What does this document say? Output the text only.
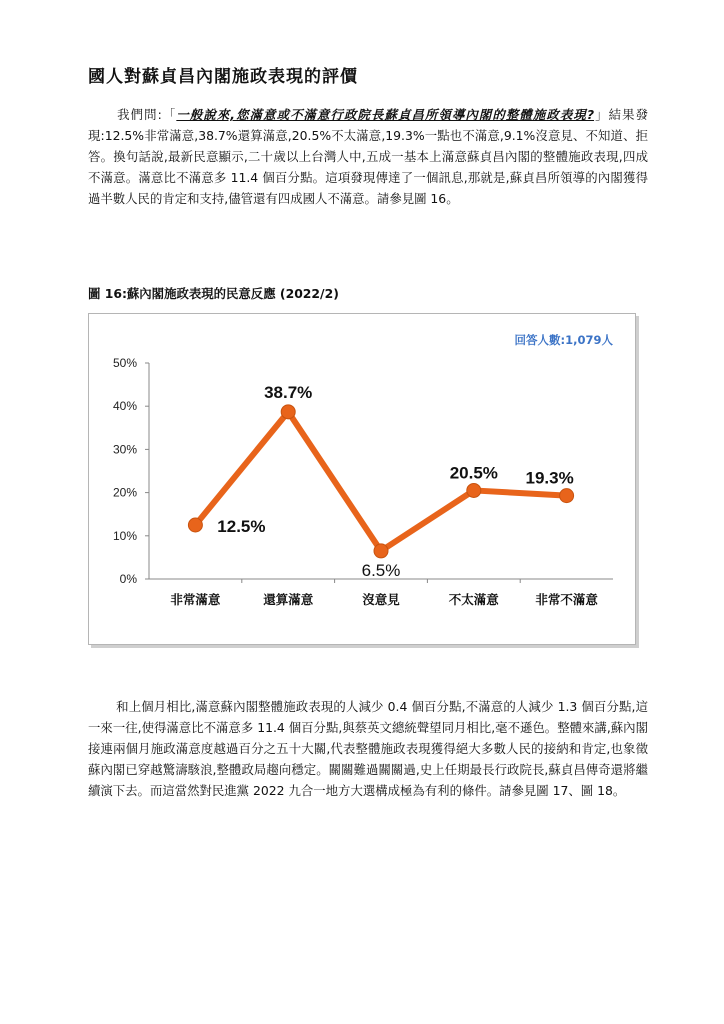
國人對蘇貞昌內閣施政表現的評價
我們問:「一般說來,您滿意或不滿意行政院長蘇貞昌所領導內閣的整體施政表現?」結果發現:12.5%非常滿意,38.7%還算滿意,20.5%不太滿意,19.3%一點也不滿意,9.1%沒意見、不知道、拒答。換句話說,最新民意顯示,二十歲以上台灣人中,五成一基本上滿意蘇貞昌內閣的整體施政表現,四成不滿意。滿意比不滿意多 11.4 個百分點。這項發現傳達了一個訊息,那就是,蘇貞昌所領導的內閣獲得過半數人民的肯定和支持,儘管還有四成國人不滿意。請參見圖 16。
圖 16:蘇內閣施政表現的民意反應 (2022/2)
回答人數:1,079人
0%
10%
20%
30%
40%
50%
非常滿意	還算滿意	沒意見	不太滿意	非常不滿意
12.5%
38.7%
6.5%
20.5% 19.3%
和上個月相比,滿意蘇內閣整體施政表現的人減少 0.4 個百分點,不滿意的人減少 1.3 個百分點,這一來一往,使得滿意比不滿意多 11.4 個百分點,與蔡英文總統聲望同月相比,毫不遜色。整體來講,蘇內閣接連兩個月施政滿意度越過百分之五十大關,代表整體施政表現獲得絕大多數人民的接納和肯定,也象徵蘇內閣已穿越驚濤駭浪,整體政局趨向穩定。關關難過關關過,史上任期最長行政院長,蘇貞昌傳奇還將繼續演下去。而這當然對民進黨 2022 九合一地方大選構成極為有利的條件。請參見圖 17、圖 18。
